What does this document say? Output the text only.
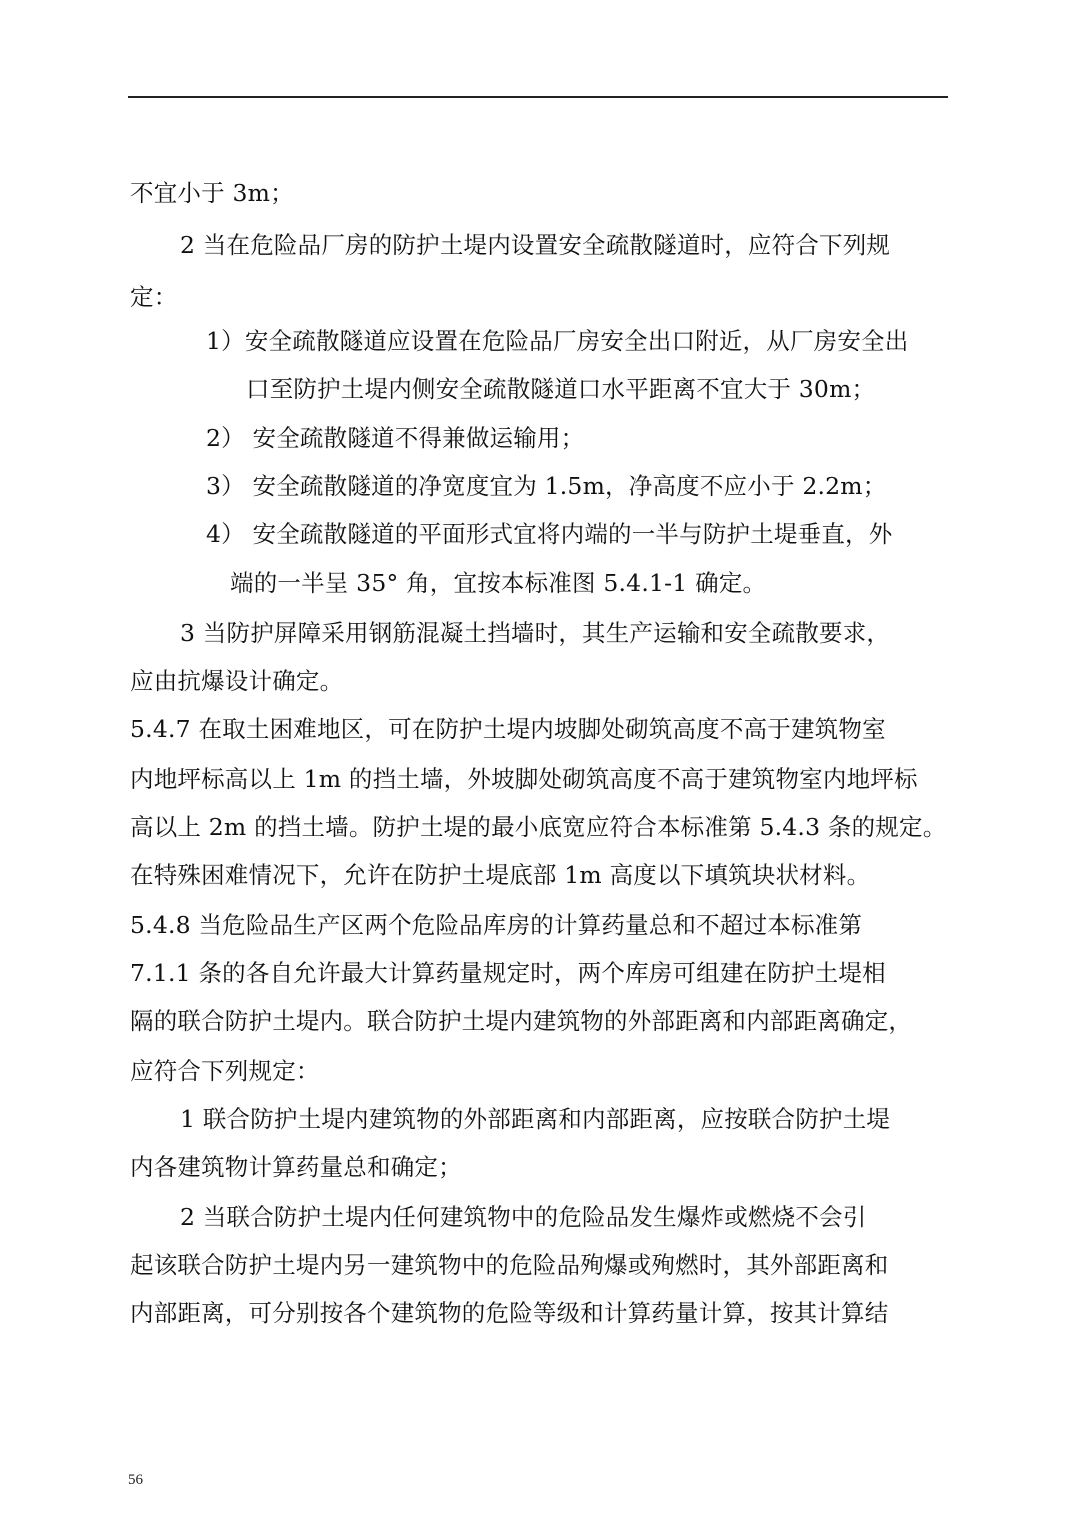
不宜小于 3m；
2 当在危险品厂房的防护土堤内设置安全疏散隧道时，应符合下列规
定：
1）安全疏散隧道应设置在危险品厂房安全出口附近，从厂房安全出
口至防护土堤内侧安全疏散隧道口水平距离不宜大于 30m；
2） 安全疏散隧道不得兼做运输用；
3） 安全疏散隧道的净宽度宜为 1.5m，净高度不应小于 2.2m；
4） 安全疏散隧道的平面形式宜将内端的一半与防护土堤垂直，外
端的一半呈 35° 角，宜按本标准图 5.4.1-1 确定。
3 当防护屏障采用钢筋混凝土挡墙时，其生产运输和安全疏散要求，
应由抗爆设计确定。
5.4.7 在取土困难地区，可在防护土堤内坡脚处砌筑高度不高于建筑物室
内地坪标高以上 1m 的挡土墙，外坡脚处砌筑高度不高于建筑物室内地坪标
高以上 2m 的挡土墙。防护土堤的最小底宽应符合本标准第 5.4.3 条的规定。
在特殊困难情况下，允许在防护土堤底部 1m 高度以下填筑块状材料。
5.4.8 当危险品生产区两个危险品库房的计算药量总和不超过本标准第
7.1.1 条的各自允许最大计算药量规定时，两个库房可组建在防护土堤相
隔的联合防护土堤内。联合防护土堤内建筑物的外部距离和内部距离确定，
应符合下列规定：
1 联合防护土堤内建筑物的外部距离和内部距离，应按联合防护土堤
内各建筑物计算药量总和确定；
2 当联合防护土堤内任何建筑物中的危险品发生爆炸或燃烧不会引
起该联合防护土堤内另一建筑物中的危险品殉爆或殉燃时，其外部距离和
内部距离，可分别按各个建筑物的危险等级和计算药量计算，按其计算结
56
